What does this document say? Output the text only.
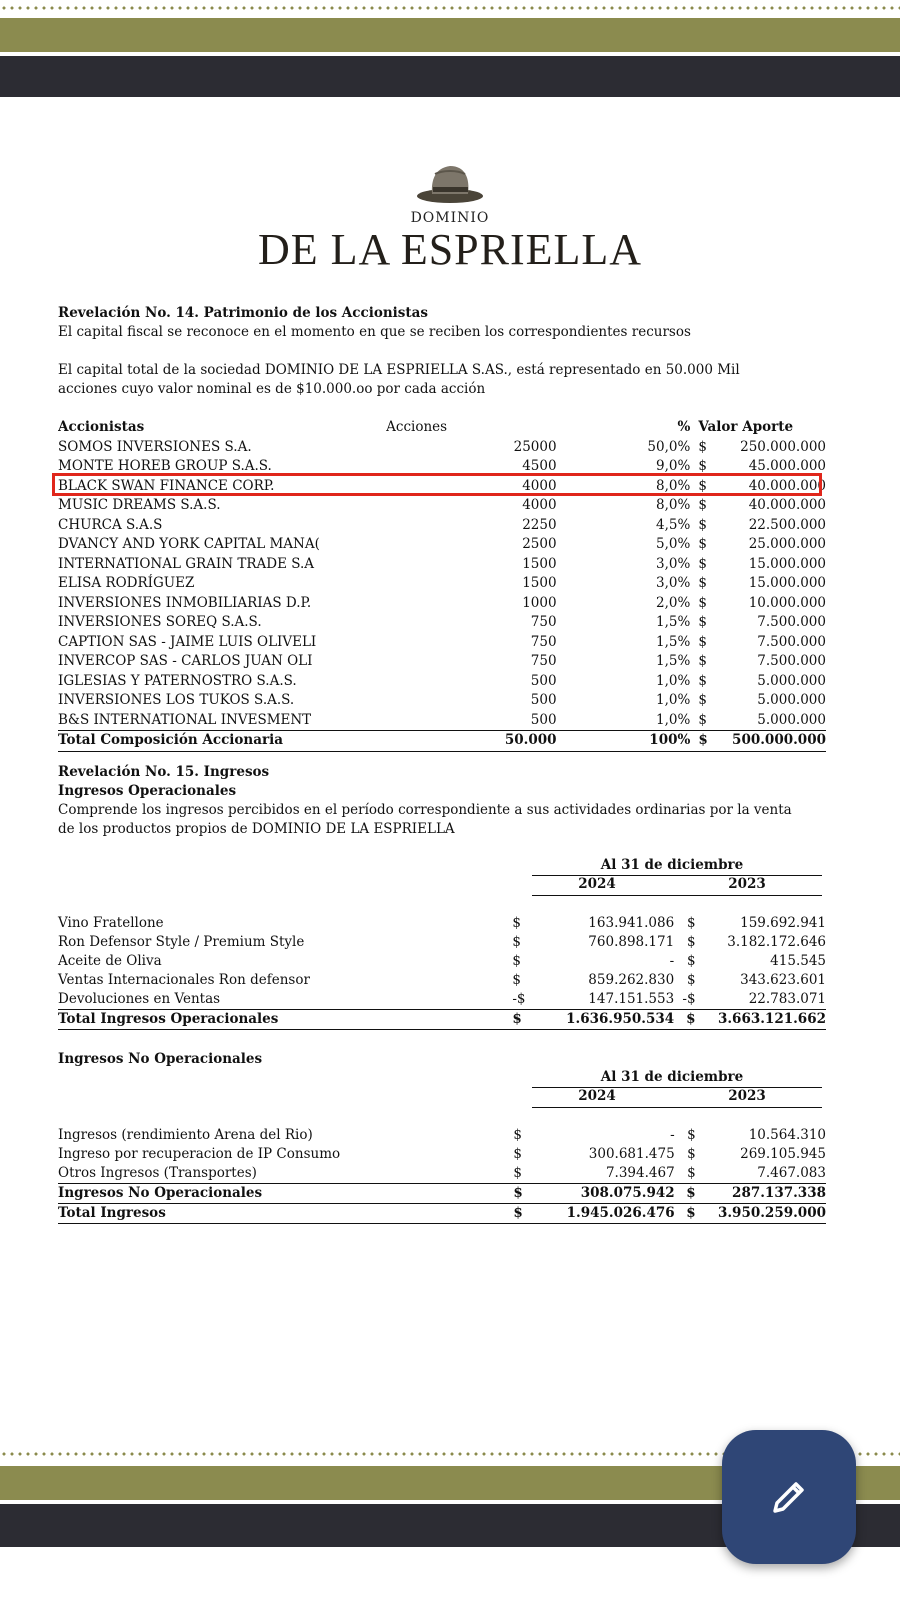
DOMINIO
DE LA ESPRIELLA
Revelación No. 14. Patrimonio de los Accionistas
El capital fiscal se reconoce en el momento en que se reciben los correspondientes recursos
El capital total de la sociedad DOMINIO DE LA ESPRIELLA S.AS., está representado en 50.000 Mil
acciones cuyo valor nominal es de $10.000.oo por cada acción
Accionistas	Acciones	%	Valor Aporte	
SOMOS INVERSIONES S.A.	25000	50,0%	$	250.000.000
MONTE HOREB GROUP S.A.S.	4500	9,0%	$	45.000.000
BLACK SWAN FINANCE CORP.	4000	8,0%	$	40.000.000
MUSIC DREAMS S.A.S.	4000	8,0%	$	40.000.000
CHURCA S.A.S	2250	4,5%	$	22.500.000
DVANCY AND YORK CAPITAL MANA(	2500	5,0%	$	25.000.000
INTERNATIONAL GRAIN TRADE S.A	1500	3,0%	$	15.000.000
ELISA RODRÍGUEZ	1500	3,0%	$	15.000.000
INVERSIONES INMOBILIARIAS D.P.	1000	2,0%	$	10.000.000
INVERSIONES SOREQ S.A.S.	750	1,5%	$	7.500.000
CAPTION SAS - JAIME LUIS OLIVELI	750	1,5%	$	7.500.000
INVERCOP SAS - CARLOS JUAN OLI	750	1,5%	$	7.500.000
IGLESIAS Y PATERNOSTRO S.A.S.	500	1,0%	$	5.000.000
INVERSIONES LOS TUKOS S.A.S.	500	1,0%	$	5.000.000
B&S INTERNATIONAL INVESMENT	500	1,0%	$	5.000.000
Total Composición Accionaria	50.000	100%	$	500.000.000
Revelación No. 15. Ingresos
Ingresos Operacionales
Comprende los ingresos percibidos en el período correspondiente a sus actividades ordinarias por la venta
de los productos propios de DOMINIO DE LA ESPRIELLA
Al 31 de diciembre
2024	2023
Vino Fratellone	$	163.941.086	$	159.692.941
Ron Defensor Style / Premium Style	$	760.898.171	$	3.182.172.646
Aceite de Oliva	$	-	$	415.545
Ventas Internacionales Ron defensor	$	859.262.830	$	343.623.601
Devoluciones en Ventas	-$	147.151.553	-$	22.783.071
Total Ingresos Operacionales	$	1.636.950.534	$	3.663.121.662
Ingresos No Operacionales
Al 31 de diciembre
2024	2023
Ingresos (rendimiento Arena del Rio)	$	-	$	10.564.310
Ingreso por recuperacion de IP Consumo	$	300.681.475	$	269.105.945
Otros Ingresos (Transportes)	$	7.394.467	$	7.467.083
Ingresos No Operacionales	$	308.075.942	$	287.137.338
Total Ingresos	$	1.945.026.476	$	3.950.259.000
